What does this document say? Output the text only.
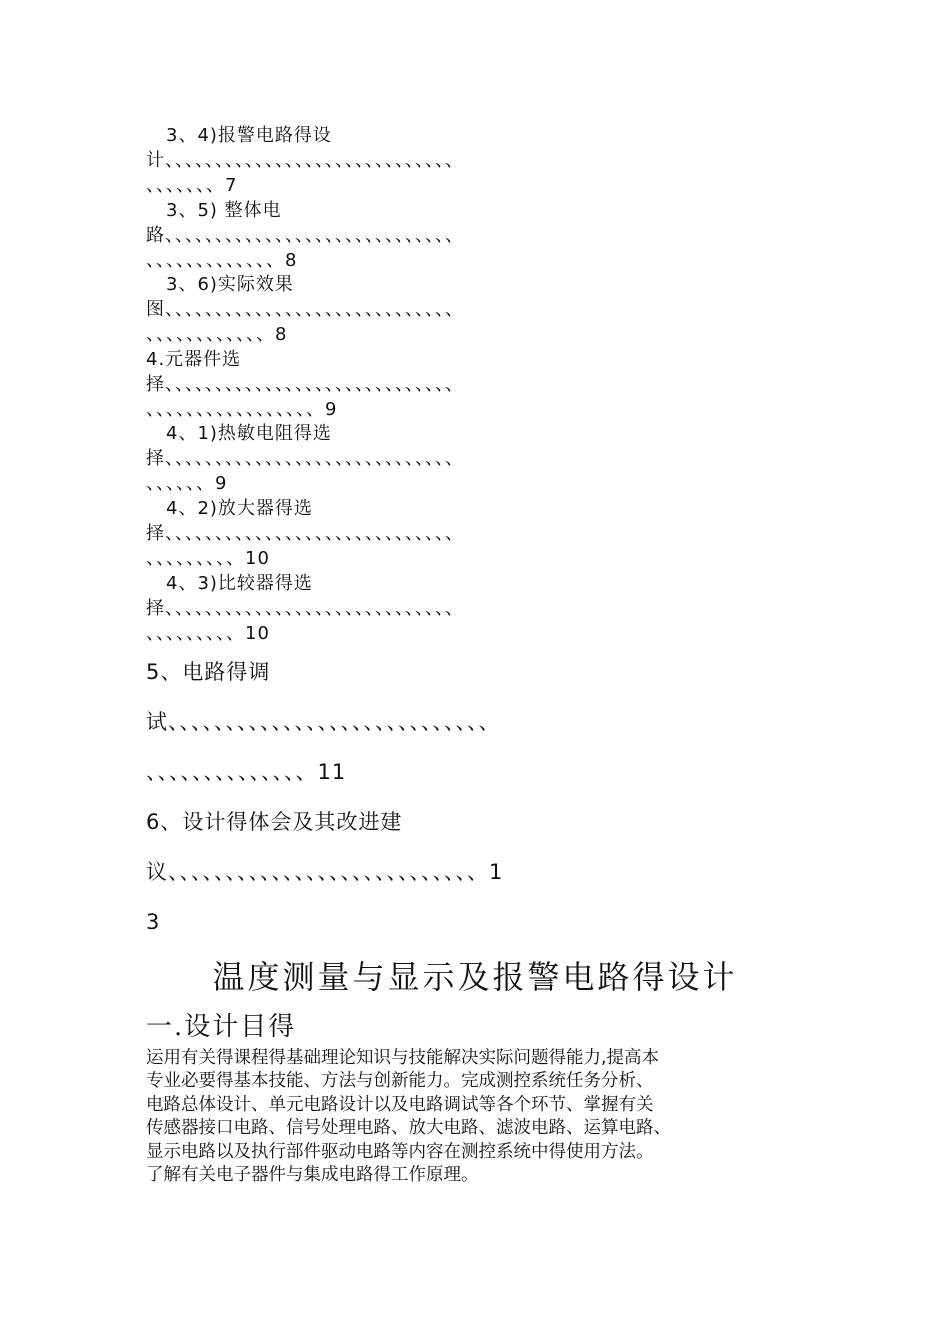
3、4)报警电路得设
计、、、、、、、、、、、、、、、、、、、、、、、、、、、、、
、、、、、、、7
3、5) 整体电
路、、、、、、、、、、、、、、、、、、、、、、、、、、、、、
、、、、、、、、、、、、、8
3、6)实际效果
图、、、、、、、、、、、、、、、、、、、、、、、、、、、、、
、、、、、、、、、、、、8
4.元器件选
择、、、、、、、、、、、、、、、、、、、、、、、、、、、、、
、、、、、、、、、、、、、、、、、9
4、1)热敏电阻得选
择、、、、、、、、、、、、、、、、、、、、、、、、、、、、、
、、、、、、9
4、2)放大器得选
择、、、、、、、、、、、、、、、、、、、、、、、、、、、、、
、、、、、、、、、10
4、3)比较器得选
择、、、、、、、、、、、、、、、、、、、、、、、、、、、、、
、、、、、、、、、10
5、电路得调
试、、、、、、、、、、、、、、、、、、、、、、、、、、、、
、、、、、、、、、、、、、、11
6、设计得体会及其改进建
议、、、、、、、、、、、、、、、、、、、、、、、、、、、1
3
温度测量与显示及报警电路得设计
一.设计目得
运用有关得课程得基础理论知识与技能解决实际问题得能力,提高本
专业必要得基本技能、方法与创新能力。完成测控系统任务分析、
电路总体设计、单元电路设计以及电路调试等各个环节、掌握有关
传感器接口电路、信号处理电路、放大电路、滤波电路、运算电路、
显示电路以及执行部件驱动电路等内容在测控系统中得使用方法。
了解有关电子器件与集成电路得工作原理。
